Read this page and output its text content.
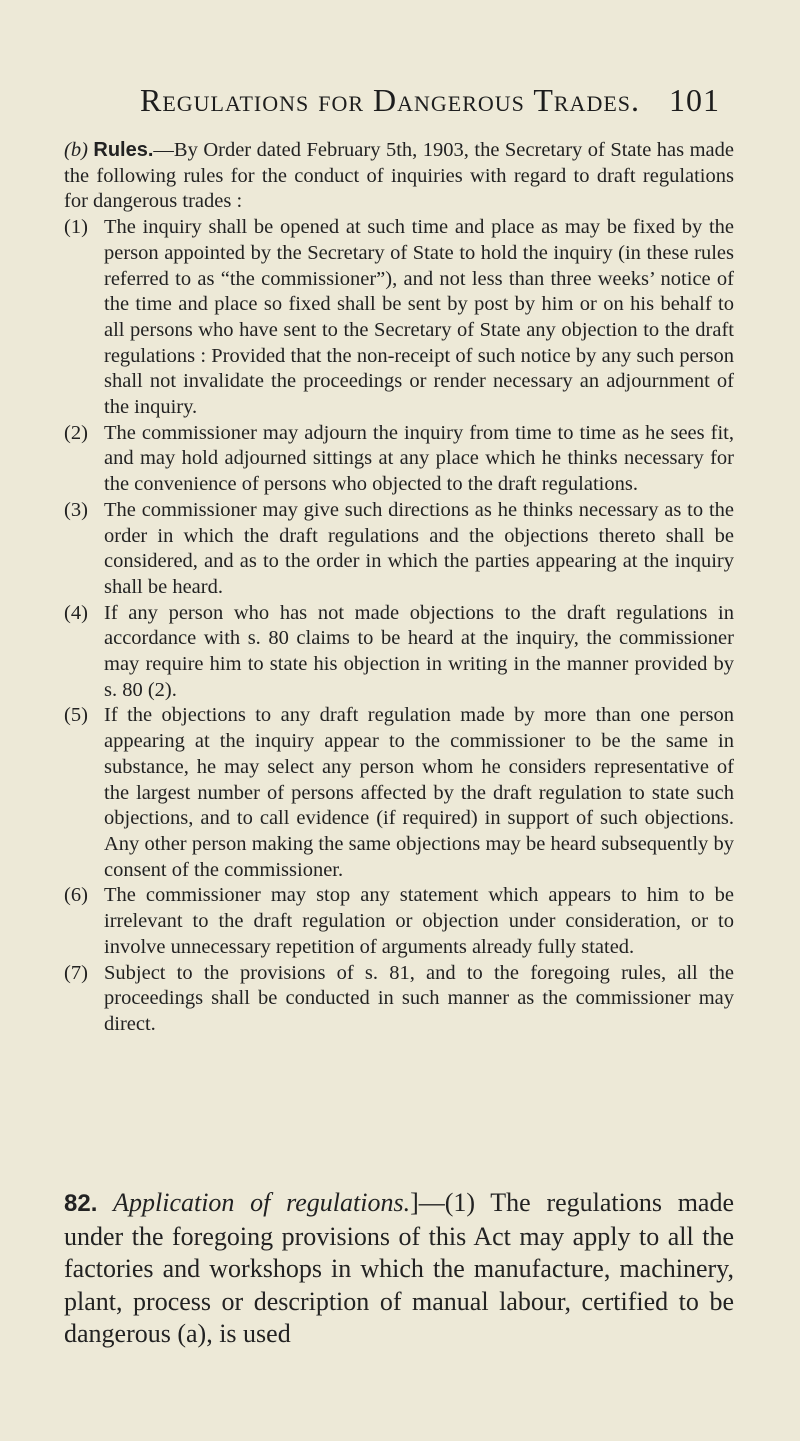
Regulations for Dangerous Trades. 101

(b) Rules.—By Order dated February 5th, 1903, the Secretary of State has made the following rules for the conduct of inquiries with regard to draft regulations for dangerous trades :

(1) The inquiry shall be opened at such time and place as may be fixed by the person appointed by the Secretary of State to hold the inquiry (in these rules referred to as “the commissioner”), and not less than three weeks’ notice of the time and place so fixed shall be sent by post by him or on his behalf to all persons who have sent to the Secretary of State any objection to the draft regulations : Provided that the non-receipt of such notice by any such person shall not invalidate the proceedings or render necessary an adjournment of the inquiry.
(2) The commissioner may adjourn the inquiry from time to time as he sees fit, and may hold adjourned sittings at any place which he thinks necessary for the convenience of persons who objected to the draft regulations.
(3) The commissioner may give such directions as he thinks necessary as to the order in which the draft regulations and the objections thereto shall be considered, and as to the order in which the parties appearing at the inquiry shall be heard.
(4) If any person who has not made objections to the draft regulations in accordance with s. 80 claims to be heard at the inquiry, the commissioner may require him to state his objection in writing in the manner provided by s. 80 (2).
(5) If the objections to any draft regulation made by more than one person appearing at the inquiry appear to the commissioner to be the same in substance, he may select any person whom he considers representative of the largest number of persons affected by the draft regulation to state such objections, and to call evidence (if required) in support of such objections. Any other person making the same objections may be heard subsequently by consent of the commissioner.
(6) The commissioner may stop any statement which appears to him to be irrelevant to the draft regulation or objection under consideration, or to involve unnecessary repetition of arguments already fully stated.
(7) Subject to the provisions of s. 81, and to the foregoing rules, all the proceedings shall be conducted in such manner as the commissioner may direct.

82. Application of regulations.]—(1) The regulations made under the foregoing provisions of this Act may apply to all the factories and workshops in which the manufacture, machinery, plant, process or description of manual labour, certified to be dangerous (a), is used
